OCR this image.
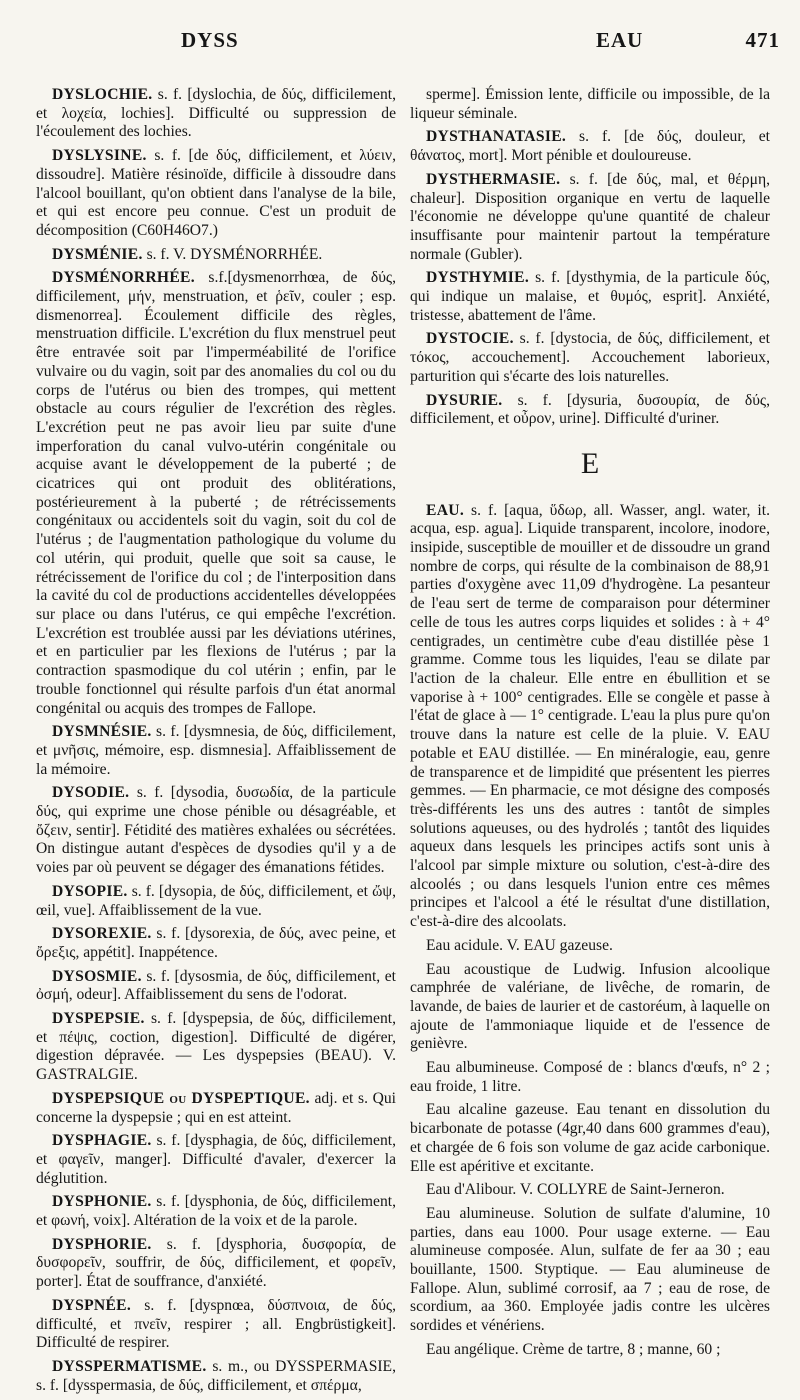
DYSS	EAU	471

DYSLOCHIE. s. f. [dyslochia, de δύς, difficilement, et λοχεία, lochies]. Difficulté ou suppression de l'écoulement des lochies.

DYSLYSINE. s. f. [de δύς, difficilement, et λύειν, dissoudre]. Matière résinoïde, difficile à dissoudre dans l'alcool bouillant, qu'on obtient dans l'analyse de la bile, et qui est encore peu connue. C'est un produit de décomposition (C60H46O7.)

DYSMÉNIE. s. f. V. DYSMÉNORRHÉE.

DYSMÉNORRHÉE. s.f.[dysmenorrhœa, de δύς, difficilement, μήν, menstruation, et ῥεῖν, couler ; esp. dismenorrea]. Écoulement difficile des règles, menstruation difficile. L'excrétion du flux menstruel peut être entravée soit par l'imperméabilité de l'orifice vulvaire ou du vagin, soit par des anomalies du col ou du corps de l'utérus ou bien des trompes, qui mettent obstacle au cours régulier de l'excrétion des règles. L'excrétion peut ne pas avoir lieu par suite d'une imperforation du canal vulvo-utérin congénitale ou acquise avant le développement de la puberté ; de cicatrices qui ont produit des oblitérations, postérieurement à la puberté ; de rétrécissements congénitaux ou accidentels soit du vagin, soit du col de l'utérus ; de l'augmentation pathologique du volume du col utérin, qui produit, quelle que soit sa cause, le rétrécissement de l'orifice du col ; de l'interposition dans la cavité du col de productions accidentelles développées sur place ou dans l'utérus, ce qui empêche l'excrétion. L'excrétion est troublée aussi par les déviations utérines, et en particulier par les flexions de l'utérus ; par la contraction spasmodique du col utérin ; enfin, par le trouble fonctionnel qui résulte parfois d'un état anormal congénital ou acquis des trompes de Fallope.

DYSMNÉSIE. s. f. [dysmnesia, de δύς, difficilement, et μνῆσις, mémoire, esp. dismnesia]. Affaiblissement de la mémoire.

DYSODIE. s. f. [dysodia, δυσωδία, de la particule δύς, qui exprime une chose pénible ou désagréable, et ὄζειν, sentir]. Fétidité des matières exhalées ou sécrétées. On distingue autant d'espèces de dysodies qu'il y a de voies par où peuvent se dégager des émanations fétides.

DYSOPIE. s. f. [dysopia, de δύς, difficilement, et ὤψ, œil, vue]. Affaiblissement de la vue.

DYSOREXIE. s. f. [dysorexia, de δύς, avec peine, et ὄρεξις, appétit]. Inappétence.

DYSOSMIE. s. f. [dysosmia, de δύς, difficilement, et ὀσμή, odeur]. Affaiblissement du sens de l'odorat.

DYSPEPSIE. s. f. [dyspepsia, de δύς, difficilement, et πέψις, coction, digestion]. Difficulté de digérer, digestion dépravée. — Les dyspepsies (BEAU). V. GASTRALGIE.

DYSPEPSIQUE ou DYSPEPTIQUE. adj. et s. Qui concerne la dyspepsie ; qui en est atteint.

DYSPHAGIE. s. f. [dysphagia, de δύς, difficilement, et φαγεῖν, manger]. Difficulté d'avaler, d'exercer la déglutition.

DYSPHONIE. s. f. [dysphonia, de δύς, difficilement, et φωνή, voix]. Altération de la voix et de la parole.

DYSPHORIE. s. f. [dysphoria, δυσφορία, de δυσφορεῖν, souffrir, de δύς, difficilement, et φορεῖν, porter]. État de souffrance, d'anxiété.

DYSPNÉE. s. f. [dyspnœa, δύσπνοια, de δύς, difficulté, et πνεῖν, respirer ; all. Engbrüstigkeit]. Difficulté de respirer.

DYSSPERMATISME. s. m., ou DYSSPERMASIE, s. f. [dysspermasia, de δύς, difficilement, et σπέρμα,

sperme]. Émission lente, difficile ou impossible, de la liqueur séminale.

DYSTHANATASIE. s. f. [de δύς, douleur, et θάνατος, mort]. Mort pénible et douloureuse.

DYSTHERMASIE. s. f. [de δύς, mal, et θέρμη, chaleur]. Disposition organique en vertu de laquelle l'économie ne développe qu'une quantité de chaleur insuffisante pour maintenir partout la température normale (Gubler).

DYSTHYMIE. s. f. [dysthymia, de la particule δύς, qui indique un malaise, et θυμός, esprit]. Anxiété, tristesse, abattement de l'âme.

DYSTOCIE. s. f. [dystocia, de δύς, difficilement, et τόκος, accouchement]. Accouchement laborieux, parturition qui s'écarte des lois naturelles.

DYSURIE. s. f. [dysuria, δυσουρία, de δύς, difficilement, et οὖρον, urine]. Difficulté d'uriner.

E

EAU. s. f. [aqua, ὕδωρ, all. Wasser, angl. water, it. acqua, esp. agua]. Liquide transparent, incolore, inodore, insipide, susceptible de mouiller et de dissoudre un grand nombre de corps, qui résulte de la combinaison de 88,91 parties d'oxygène avec 11,09 d'hydrogène. La pesanteur de l'eau sert de terme de comparaison pour déterminer celle de tous les autres corps liquides et solides : à + 4° centigrades, un centimètre cube d'eau distillée pèse 1 gramme. Comme tous les liquides, l'eau se dilate par l'action de la chaleur. Elle entre en ébullition et se vaporise à + 100° centigrades. Elle se congèle et passe à l'état de glace à — 1° centigrade. L'eau la plus pure qu'on trouve dans la nature est celle de la pluie. V. EAU potable et EAU distillée. — En minéralogie, eau, genre de transparence et de limpidité que présentent les pierres gemmes. — En pharmacie, ce mot désigne des composés très-différents les uns des autres : tantôt de simples solutions aqueuses, ou des hydrolés ; tantôt des liquides aqueux dans lesquels les principes actifs sont unis à l'alcool par simple mixture ou solution, c'est-à-dire des alcoolés ; ou dans lesquels l'union entre ces mêmes principes et l'alcool a été le résultat d'une distillation, c'est-à-dire des alcoolats.

Eau acidule. V. EAU gazeuse.

Eau acoustique de Ludwig. Infusion alcoolique camphrée de valériane, de livêche, de romarin, de lavande, de baies de laurier et de castoréum, à laquelle on ajoute de l'ammoniaque liquide et de l'essence de genièvre.

Eau albumineuse. Composé de : blancs d'œufs, n° 2 ; eau froide, 1 litre.

Eau alcaline gazeuse. Eau tenant en dissolution du bicarbonate de potasse (4gr,40 dans 600 grammes d'eau), et chargée de 6 fois son volume de gaz acide carbonique. Elle est apéritive et excitante.

Eau d'Alibour. V. COLLYRE de Saint-Jerneron.

Eau alumineuse. Solution de sulfate d'alumine, 10 parties, dans eau 1000. Pour usage externe. — Eau alumineuse composée. Alun, sulfate de fer aa 30 ; eau bouillante, 1500. Styptique. — Eau alumineuse de Fallope. Alun, sublimé corrosif, aa 7 ; eau de rose, de scordium, aa 360. Employée jadis contre les ulcères sordides et vénériens.

Eau angélique. Crème de tartre, 8 ; manne, 60 ;
